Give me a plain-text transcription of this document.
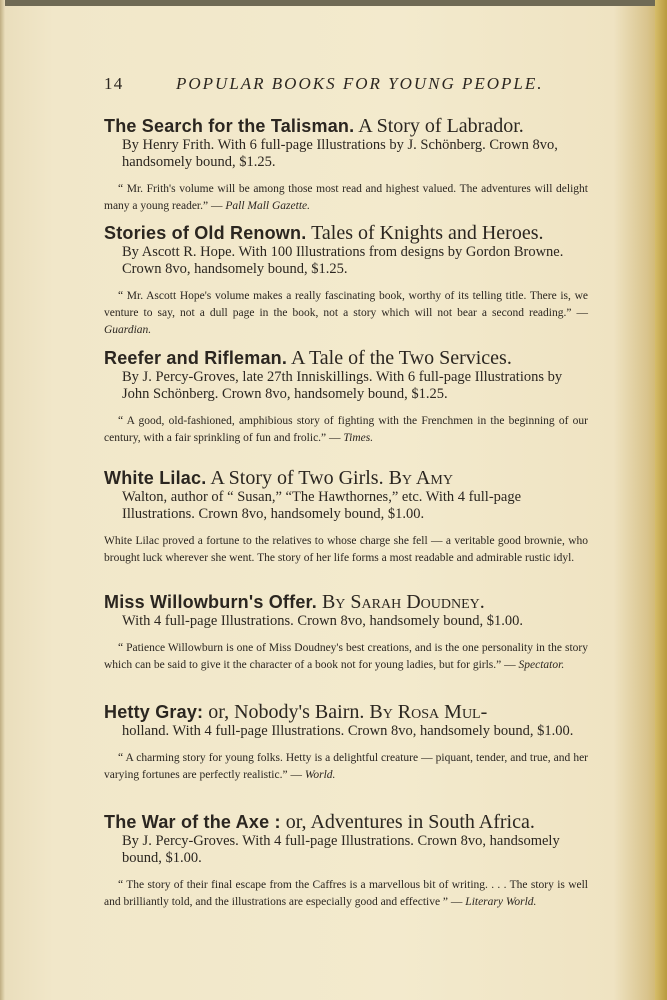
14	POPULAR BOOKS FOR YOUNG PEOPLE.
The Search for the Talisman. A Story of Labrador.
By Henry Frith. With 6 full-page Illustrations by J. Schönberg. Crown 8vo, handsomely bound, $1.25.
“ Mr. Frith's volume will be among those most read and highest valued. The adventures will delight many a young reader.” — Pall Mall Gazette.
Stories of Old Renown. Tales of Knights and Heroes.
By Ascott R. Hope. With 100 Illustrations from designs by Gordon Browne. Crown 8vo, handsomely bound, $1.25.
“ Mr. Ascott Hope's volume makes a really fascinating book, worthy of its telling title. There is, we venture to say, not a dull page in the book, not a story which will not bear a second reading.” — Guardian.
Reefer and Rifleman. A Tale of the Two Services.
By J. Percy-Groves, late 27th Inniskillings. With 6 full-page Illustrations by John Schönberg. Crown 8vo, handsomely bound, $1.25.
“ A good, old-fashioned, amphibious story of fighting with the Frenchmen in the beginning of our century, with a fair sprinkling of fun and frolic.” — Times.
White Lilac. A Story of Two Girls. By Amy
Walton, author of “ Susan,” “The Hawthornes,” etc. With 4 full-page Illustrations. Crown 8vo, handsomely bound, $1.00.
White Lilac proved a fortune to the relatives to whose charge she fell — a veritable good brownie, who brought luck wherever she went. The story of her life forms a most readable and admirable rustic idyl.
Miss Willowburn's Offer. By Sarah Doudney.
With 4 full-page Illustrations. Crown 8vo, handsomely bound, $1.00.
“ Patience Willowburn is one of Miss Doudney's best creations, and is the one personality in the story which can be said to give it the character of a book not for young ladies, but for girls.” — Spectator.
Hetty Gray: or, Nobody's Bairn. By Rosa Mul-
holland. With 4 full-page Illustrations. Crown 8vo, handsomely bound, $1.00.
“ A charming story for young folks. Hetty is a delightful creature — piquant, tender, and true, and her varying fortunes are perfectly realistic.” — World.
The War of the Axe : or, Adventures in South Africa.
By J. Percy-Groves. With 4 full-page Illustrations. Crown 8vo, handsomely bound, $1.00.
“ The story of their final escape from the Caffres is a marvellous bit of writing. . . . The story is well and brilliantly told, and the illustrations are especially good and effective ” — Literary World.
